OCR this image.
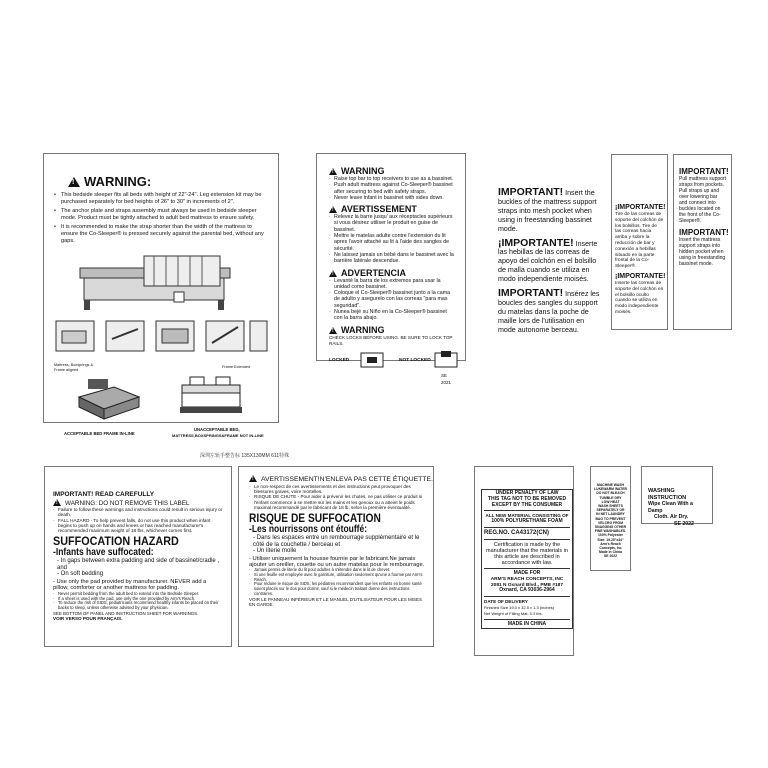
!WARNING:
• This bedside sleeper fits all beds with height of 22"-24". Leg extension kit may be purchased separately for bed heights of 26" to 30" in increments of 2".
• The anchor plate and straps assembly must always be used in bedside sleeper mode. Product must be tightly attached to adult bed mattress to ensure safety.
• It is recommended to make the strap shorter than the width of the mattress to ensure the Co-Sleeper® is pressed securely against the parental bed, without any gaps.
Mattress, Boxsprings & Frame aligned
Frame Extended
ACCEPTABLE BED FRAME IN-LINE
UNACCEPTABLE BED,
MATTRESS,BOXSPRINGS&FRAME NOT IN-LINE
深圳左轨手整告标 135X130MM 611特殊
!WARNING
· Raise top bar to top receivers to use as a bassinet.
· Push adult mattress against Co-Sleeper® bassinet after securing to bed with safety straps.
· Never leave infant in bassinet with sides down.
!AVERTISSEMENT
· Relevez la barre jusqu' aux réceptacles supérieurs si vous désirez utiliser le produit en guise de bassinet.
· Mettre le matelas adulte contre l'extension du lit apres l'avoir attaché au lit à l'aide des sangles de sécurité.
· Ne laissez jamais un bébé dans le bassinet avec la barrière latérale descendue.
!ADVERTENCIA
· Levanté la barra de los extremos para usar la unidad como bassinet.
· Coloque el Co-Sleeper® bassinet junto a la cama de adulto y asegurelo con las correas "para mas seguridad".
· Nunea bejé su Niño en la Co-Sleeper® bassinet con la barra abajo.
!WARNING
CHECK LOCKS BEFORE USING. BE SURE TO LOCK TOP RAILS.
LOCKED	NOT LOCKED
SE 2021
IMPORTANT! Insert the buckles of the mattress support straps into mesh pocket when using in freestanding bassinet mode.
¡IMPORTANTE! Inserte las hebillas de las correas de apoyo del colchón en el bolsillo de malla cuando se utiliza en modo independiente moisés.
IMPORTANT! Insérez les boucles des sangles du support du matelas dans la poche de maille lors de l'utilisation en mode autonome berceau.
¡IMPORTANTE!
Tire de las correas de soporte del colchón de los bolsillos. Tire de las correas hacia arriba y sobre la reducción de bar y conexión a hebillas situado en la parte frontal de la Co-Sleeper®.
¡IMPORTANTE!
Inserte las correas de soporte del colchón en el bolsillo oculto cuando se utiliza en modo independiente moisés.
IMPORTANT!
Pull mattress support straps from pockets. Pull straps up and over lowering bar and connect into buckles located on the front of the Co-Sleeper®.
IMPORTANT!
Insert the mattress support straps into hidden pocket when using in freestanding bassinet mode.
IMPORTANT! READ CAREFULLY
!WARNING: DO NOT REMOVE THIS LABEL
· Failure to follow these warnings and instructions could result in serious injury or death.
· FALL HAZARD - To help prevent falls, do not use this product when infant begins to push up on hands and knees or has reached manufacturer's recommended maximum weight of 18 lbs, whichever comes first.
SUFFOCATION HAZARD
-Infants have suffocated:
- In gaps between extra padding and side of bassinet/cradle , and
- On soft bedding
- Use only the pad provided by manufacturer. NEVER add a pillow, comforter or another mattress for padding.
· Never permit bedding from the adult bed to extend into the Bedside Sleeper.
· If a sheet is used with the pad, use only the one provided by Arm's Reach.
· To reduce the risk of SIDS, pediatricians recommend healthy infants be placed on their backs to sleep, unless otherwise advised by your physician.
SEE BOTTOM OF PANEL AND INSTRUCTION SHEET FOR WARNINGS.
VOIR VERSO POUR FRANÇAIS.
!AVERTISSEMENT!N'ENLEVA PAS CETTE ÉTIQUETTE.
· Le non-respect de ces avertissements et des instructions peut provoquer des blessures graves, voire mortelles.
· RISQUE DE CHUTE - Pour aider à prévenir les chutes, ne pas utiliser ce produit si l'enfant commence à se mettre sur les mains et les genoux ou a atteint le poids maximal recommandé par le fabricant de 18 lb, selon la première éventualité.
RISQUE DE SUFFOCATION
-Les nourrissons ont étouffé:
- Dans les espaces entre un rembourrage supplémentaire et le côté de la couchette / berceau et
- Un literie molle
- Utiliser uniquement la housse fournie par le fabricant.Ne jamais ajouter un oreiller, couette ou un autre matelas pour le rembourrage.
· Jamais permis de literie du lit pour adultes à s'étendre dans le lit de chevet.
· Si une feuille est employée avec le garniture, utilisation seulement qu'une a fournie par Arm's Reach.
· Pour réduire le risque de SIDS, les pédiatres recommandent que les enfants en bonne santé soient placés sur le dos pour dormir, sauf si le médecin traitant donne des instructions contraires.
VOIR LE PANNEAU INFÉRIEUR ET LE MANUEL D'UTILISATEUR POUR LES MISES EN GARDE.
UNDER PENALTY OF LAW
THIS TAG NOT TO BE REMOVED
EXCEPT BY THE CONSUMER
ALL NEW MATERIAL CONSISTING OF
100% POLYURETHANE FOAM
REG.NO. CA43172(CN)
Certification is made by the manufacturer that the materials in this article are described in accordance with law.
MADE FOR
ARM'S REACH CONCEPTS, INC
2081 N Oxnard Blvd., PMB #187
Oxnard, CA 93036-2964
DATE OF DELIVERY
Finished Size 19.0 x 32.5 x 1.3 (inches)
Net Weight of Filling Mat: 0.3 lbs.
MADE IN CHINA
MACHINE WASH
LUKEWARM WATER
DO NOT BLEACH
TUMBLE DRY
LOW HEAT
WASH SHEETS
SEPARATELY OR
IN NET LAUNDRY
BAG TO PREVENT
VELCRO FROM
SNAGGING OTHER
FINE WASHABLES.
100% Polyester
Size: 19.25"x34"
Arm's Reach Concepts, Inc
Made in China
SE 2022
WASHING INSTRUCTION
Wipe Clean With a Damp
Cloth. Air Dry.
SE 2022
